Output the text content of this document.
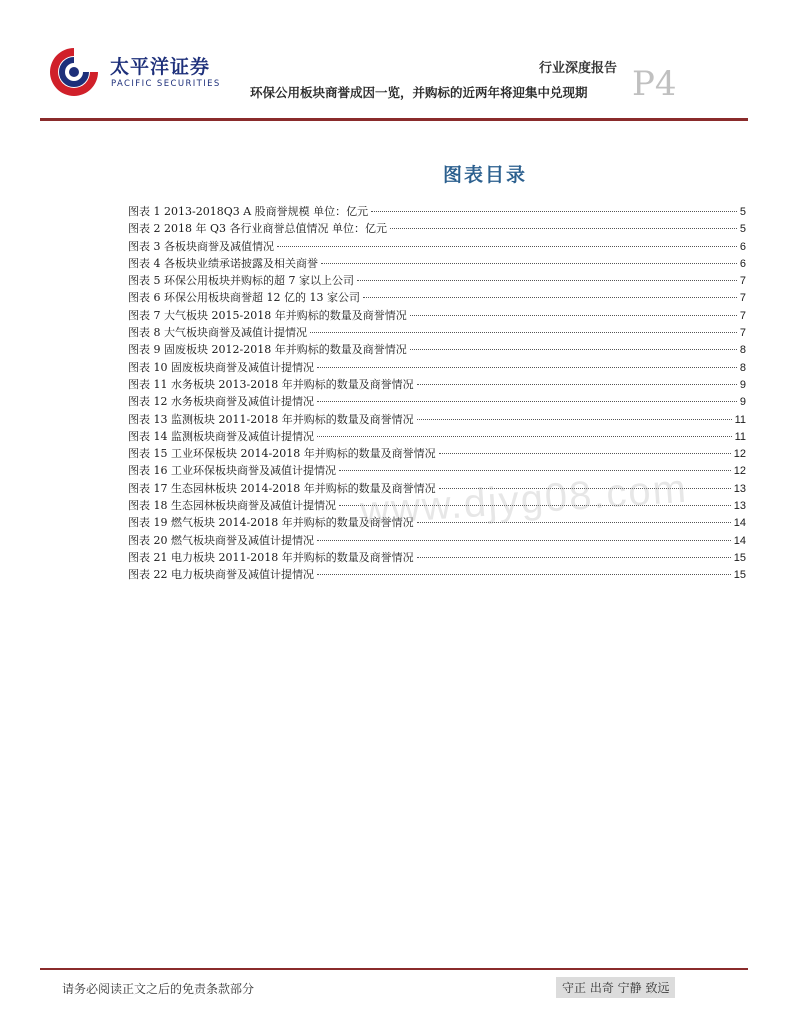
太平洋证券
PACIFIC SECURITIES
行业深度报告 P4
环保公用板块商誉成因一览，并购标的近两年将迎集中兑现期
图表目录
图表 1 2013-2018Q3 A 股商誉规模 单位：亿元	5
图表 2 2018 年 Q3 各行业商誉总值情况 单位：亿元	5
图表 3 各板块商誉及减值情况	6
图表 4 各板块业绩承诺披露及相关商誉	6
图表 5 环保公用板块并购标的超 7 家以上公司	7
图表 6 环保公用板块商誉超 12 亿的 13 家公司	7
图表 7 大气板块 2015-2018 年并购标的数量及商誉情况	7
图表 8 大气板块商誉及减值计提情况	7
图表 9 固废板块 2012-2018 年并购标的数量及商誉情况	8
图表 10 固废板块商誉及减值计提情况	8
图表 11 水务板块 2013-2018 年并购标的数量及商誉情况	9
图表 12 水务板块商誉及减值计提情况	9
图表 13 监测板块 2011-2018 年并购标的数量及商誉情况	11
图表 14 监测板块商誉及减值计提情况	11
图表 15 工业环保板块 2014-2018 年并购标的数量及商誉情况	12
图表 16 工业环保板块商誉及减值计提情况	12
图表 17 生态园林板块 2014-2018 年并购标的数量及商誉情况	13
图表 18 生态园林板块商誉及减值计提情况	13
图表 19 燃气板块 2014-2018 年并购标的数量及商誉情况	14
图表 20 燃气板块商誉及减值计提情况	14
图表 21 电力板块 2011-2018 年并购标的数量及商誉情况	15
图表 22 电力板块商誉及减值计提情况	15
www.djyg08.com
请务必阅读正文之后的免责条款部分	守正 出奇 宁静 致远
